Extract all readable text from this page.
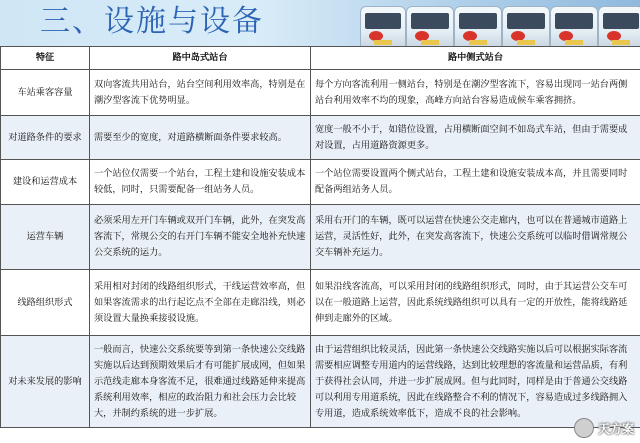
三、设施与设备
特征	路中岛式站台	路中侧式站台
车站乘客容量	双向客流共用站台，站台空间利用效率高，特别是在潮汐型客流下优势明显。	每个方向客流利用一侧站台，特别是在潮汐型客流下，容易出现同一站台两侧站台利用效率不均的现象，高峰方向站台容易造成候车乘客拥挤。
对道路条件的要求	需要至少的宽度，对道路横断面条件要求较高。	宽度一般不小于，如错位设置，占用横断面空间不如岛式车站，但由于需要成对设置，占用道路资源更多。
建设和运营成本	一个站位仅需要一个站台，工程土建和设施安装成本较低，同时，只需要配备一组站务人员。	一个站位需要设置两个侧式站台，工程土建和设施安装成本高，并且需要同时配备两组站务人员。
运营车辆	必须采用左开门车辆或双开门车辆，此外，在突发高客流下，常规公交的右开门车辆不能安全地补充快速公交系统的运力。	采用右开门的车辆，既可以运营在快速公交走廊内，也可以在普通城市道路上运营，灵活性好，此外，在突发高客流下，快速公交系统可以临时借调常规公交车辆补充运力。
线路组织形式	采用相对封闭的线路组织形式，干线运营效率高，但如果客流需求的出行起讫点不全部在走廊沿线，则必须设置大量换乘接驳设施。	如果沿线客流高，可以采用封闭的线路组织形式，同时，由于其运营公交车可以在一般道路上运营，因此系统线路组织可以具有一定的开放性，能将线路延伸到走廊外的区域。
对未来发展的影响	一般而言，快速公交系统要等到第一条快速公交线路实施以后达到预期效果后才有可能扩展成网，但如果示范线走廊本身客流不足，很难通过线路延伸来提高系统利用效率，相应的政治阻力和社会压力会比较大，并制约系统的进一步扩展。	由于运营组织比较灵活，因此第一条快速公交线路实施以后可以根据实际客流需要相应调整专用道内的运营线路，达到比较理想的客流量和运营品质，有利于获得社会认同，并进一步扩展成网。但与此同时，同样是由于普通公交线路可以利用专用道系统，因此在线路整合不利的情况下，容易造成过多线路拥入专用道，造成系统效率低下，造成不良的社会影响。
天方案
